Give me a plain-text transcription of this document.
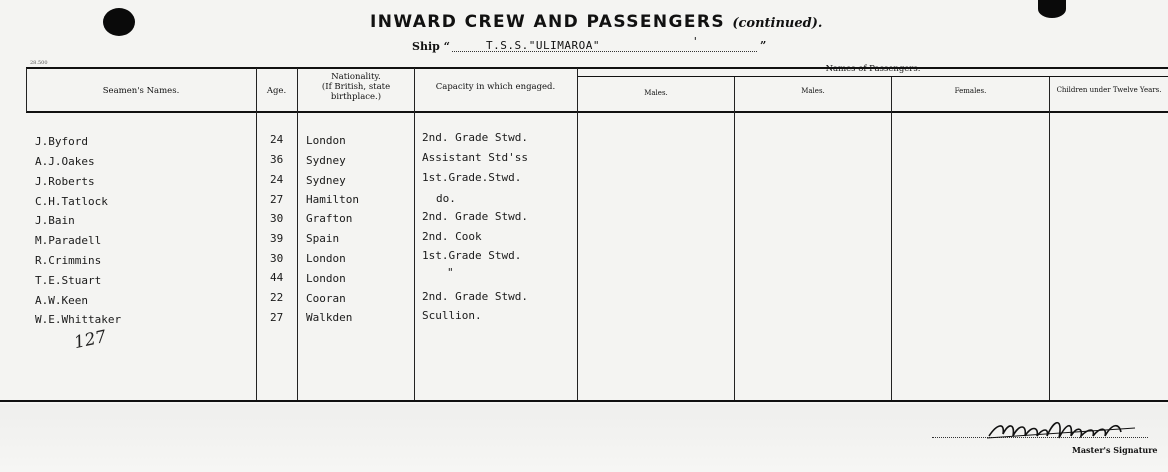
INWARD CREW AND PASSENGERS (continued).
Ship “	T.S.S."ULIMAROA"	'	”
28.500
Seamen's Names.	Age.
Nationality.
(If British, state birthplace.)
Capacity in which engaged.
Names of Passengers.
Males.	Males.	Females.	Children under Twelve Years.
J.Byford	24 London	2nd. Grade Stwd.
A.J.Oakes	36 Sydney	Assistant Std'ss
J.Roberts	24 Sydney	1st.Grade.Stwd.
C.H.Tatlock	27 Hamilton	do.
J.Bain	30 Grafton	2nd. Grade Stwd.
M.Paradell	39 Spain	2nd. Cook
R.Crimmins	30 London	1st.Grade Stwd.
T.E.Stuart	44 London	"
A.W.Keen	22 Cooran	2nd. Grade Stwd.
W.E.Whittaker	27 Walkden	Scullion.
127
Master's Signature
